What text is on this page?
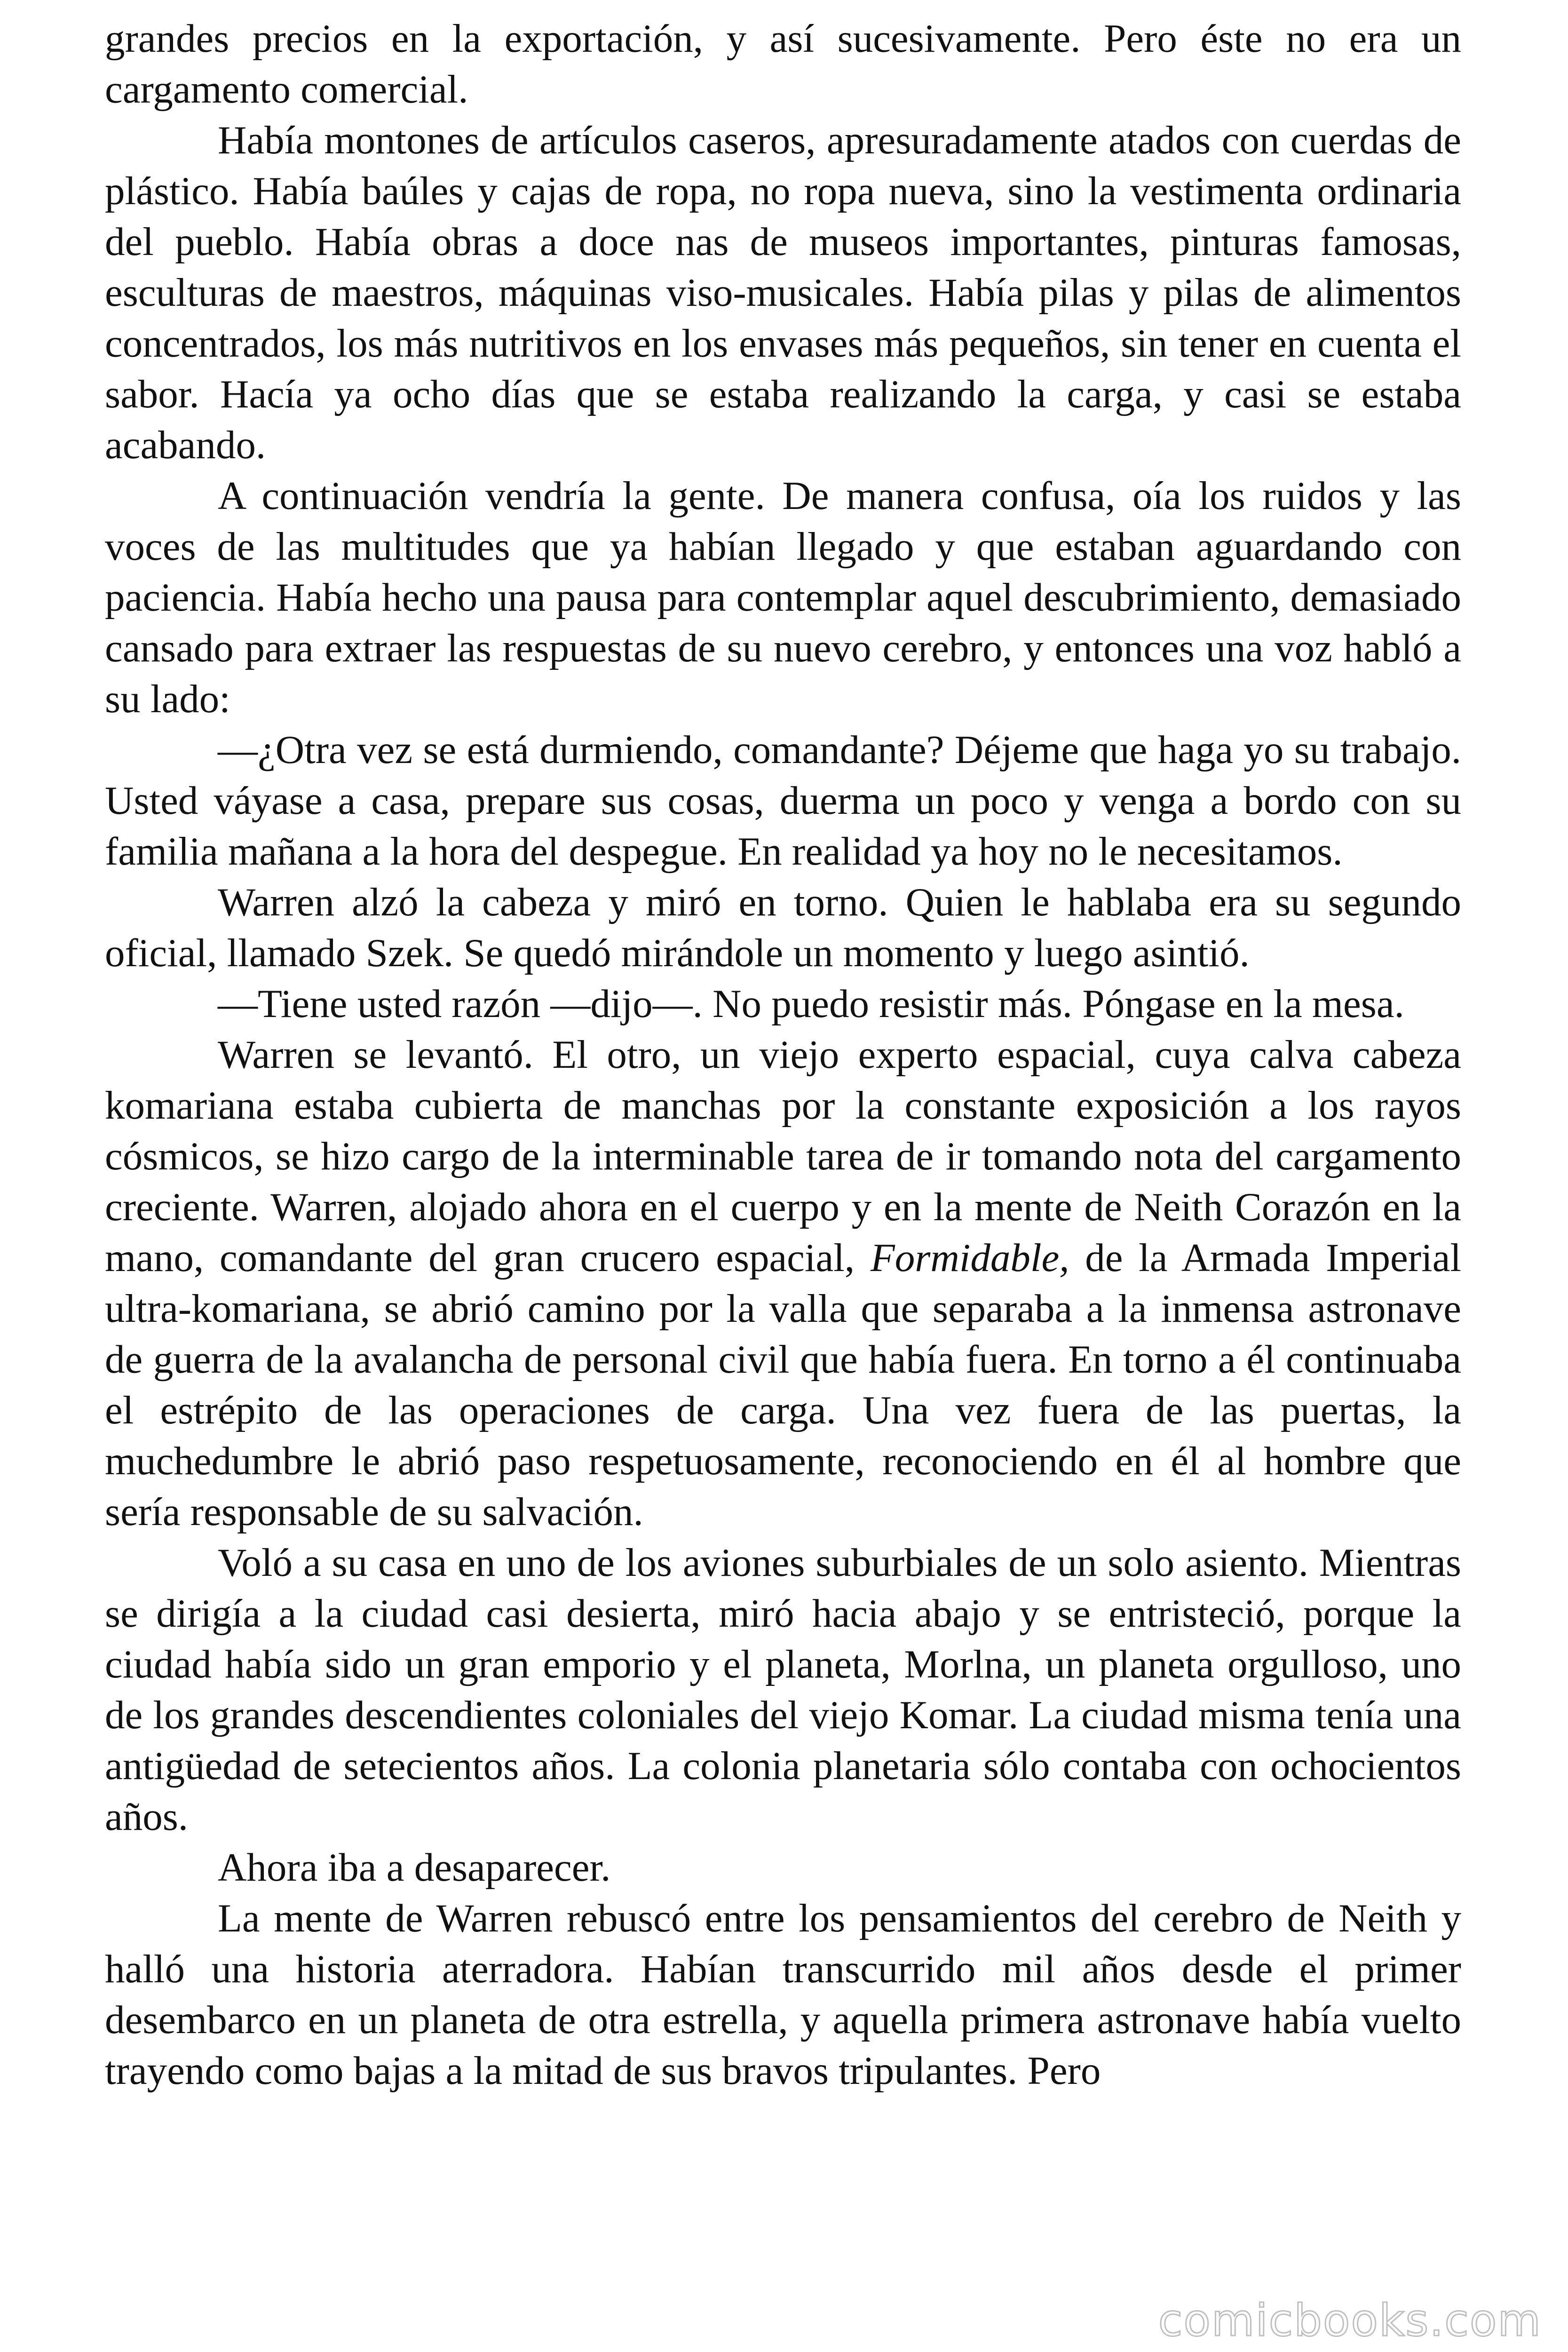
grandes precios en la exportación, y así sucesivamente. Pero éste no era un cargamento comercial.

Había montones de artículos caseros, apresuradamente atados con cuerdas de plástico. Había baúles y cajas de ropa, no ropa nueva, sino la vestimenta ordinaria del pueblo. Había obras a doce nas de museos importantes, pinturas famosas, esculturas de maestros, máquinas viso-musicales. Había pilas y pilas de alimentos concentrados, los más nutritivos en los envases más pequeños, sin tener en cuenta el sabor. Hacía ya ocho días que se estaba realizando la carga, y casi se estaba acabando.

A continuación vendría la gente. De manera confusa, oía los ruidos y las voces de las multitudes que ya habían llegado y que estaban aguardando con paciencia. Había hecho una pausa para contemplar aquel descubrimiento, demasiado cansado para extraer las respuestas de su nuevo cerebro, y entonces una voz habló a su lado:

—¿Otra vez se está durmiendo, comandante? Déjeme que haga yo su trabajo. Usted váyase a casa, prepare sus cosas, duerma un poco y venga a bordo con su familia mañana a la hora del despegue. En realidad ya hoy no le necesitamos.

Warren alzó la cabeza y miró en torno. Quien le hablaba era su segundo oficial, llamado Szek. Se quedó mirándole un momento y luego asintió.

—Tiene usted razón —dijo—. No puedo resistir más. Póngase en la mesa.

Warren se levantó. El otro, un viejo experto espacial, cuya calva cabeza komariana estaba cubierta de manchas por la constante exposición a los rayos cósmicos, se hizo cargo de la interminable tarea de ir tomando nota del cargamento creciente. Warren, alojado ahora en el cuerpo y en la mente de Neith Corazón en la mano, comandante del gran crucero espacial, Formidable, de la Armada Imperial ultra-komariana, se abrió camino por la valla que separaba a la inmensa astronave de guerra de la avalancha de personal civil que había fuera. En torno a él continuaba el estrépito de las operaciones de carga. Una vez fuera de las puertas, la muchedumbre le abrió paso respetuosamente, reconociendo en él al hombre que sería responsable de su salvación.

Voló a su casa en uno de los aviones suburbiales de un solo asiento. Mientras se dirigía a la ciudad casi desierta, miró hacia abajo y se entristeció, porque la ciudad había sido un gran emporio y el planeta, Morlna, un planeta orgulloso, uno de los grandes descendientes coloniales del viejo Komar. La ciudad misma tenía una antigüedad de setecientos años. La colonia planetaria sólo contaba con ochocientos años.

Ahora iba a desaparecer.

La mente de Warren rebuscó entre los pensamientos del cerebro de Neith y halló una historia aterradora. Habían transcurrido mil años desde el primer desembarco en un planeta de otra estrella, y aquella primera astronave había vuelto trayendo como bajas a la mitad de sus bravos tripulantes. Pero

comicbooks.com
